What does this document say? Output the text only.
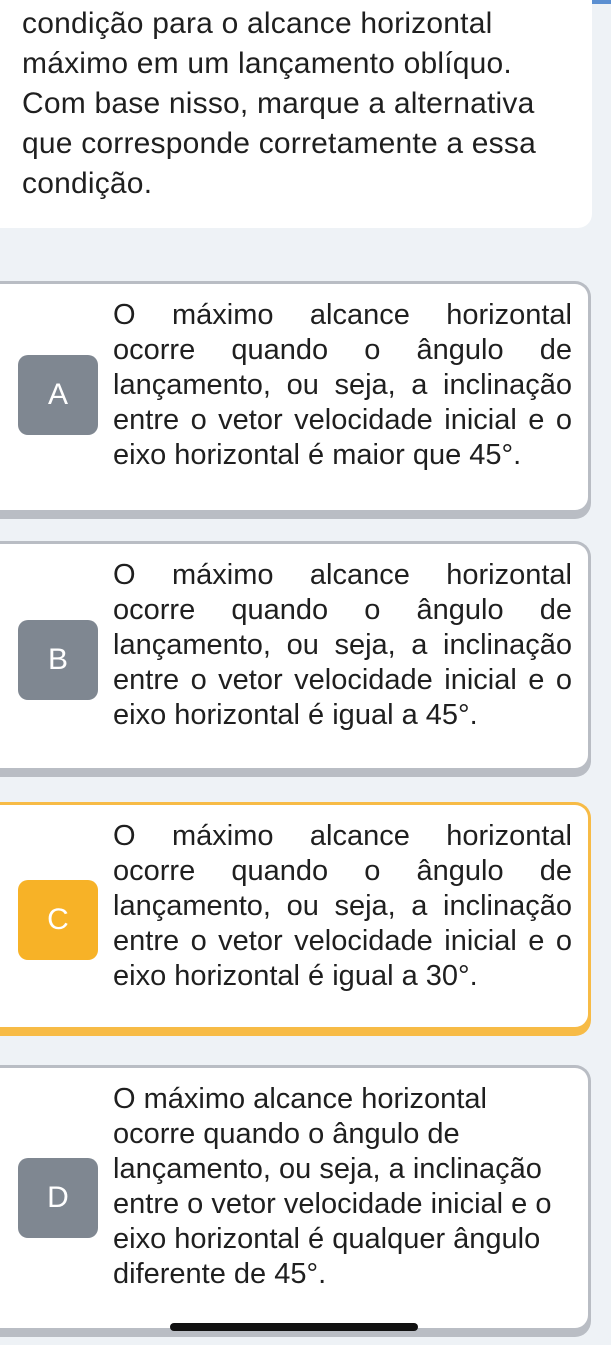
condição para o alcance horizontal máximo em um lançamento oblíquo. Com base nisso, marque a alternativa que corresponde corretamente a essa condição.

A

O máximo alcance horizontal ocorre quando o ângulo de lançamento, ou seja, a inclinação entre o vetor velocidade inicial e o eixo horizontal é maior que 45°.

B

O máximo alcance horizontal ocorre quando o ângulo de lançamento, ou seja, a inclinação entre o vetor velocidade inicial e o eixo horizontal é igual a 45°.

C

O máximo alcance horizontal ocorre quando o ângulo de lançamento, ou seja, a inclinação entre o vetor velocidade inicial e o eixo horizontal é igual a 30°.

D

O máximo alcance horizontal ocorre quando o ângulo de lançamento, ou seja, a inclinação entre o vetor velocidade inicial e o eixo horizontal é qualquer ângulo diferente de 45°.
